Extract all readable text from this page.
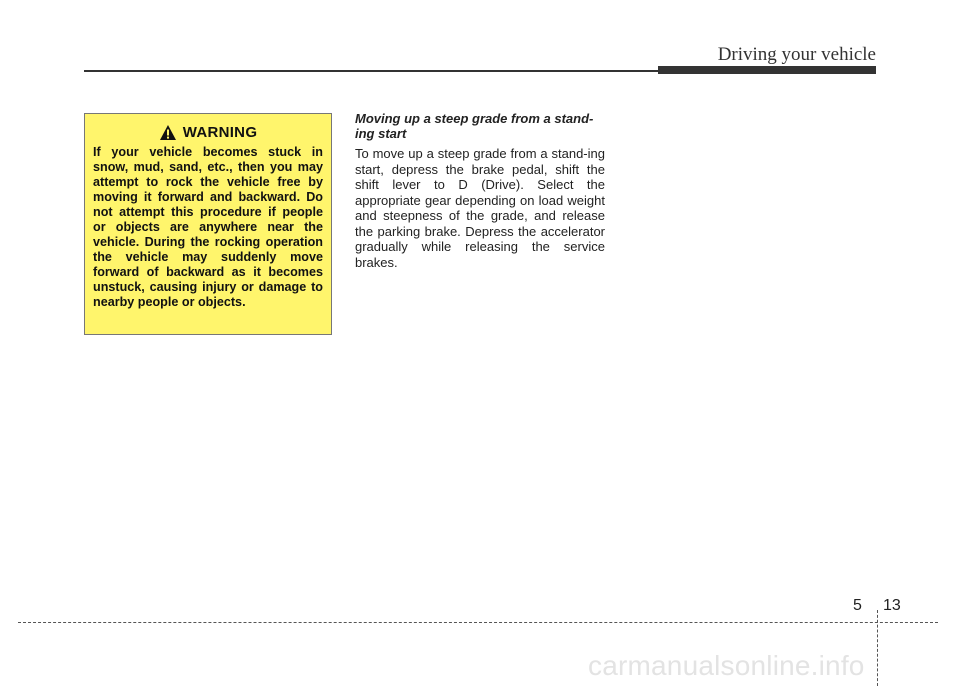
Driving your vehicle
WARNING

If your vehicle becomes stuck in snow, mud, sand, etc., then you may attempt to rock the vehicle free by moving it forward and backward. Do not attempt this procedure if people or objects are anywhere near the vehicle. During the rocking operation the vehicle may suddenly move forward of backward as it becomes unstuck, causing injury or damage to nearby people or objects.

Moving up a steep grade from a stand-ing start

To move up a steep grade from a stand-ing start, depress the brake pedal, shift the shift lever to D (Drive). Select the appropriate gear depending on load weight and steepness of the grade, and release the parking brake. Depress the accelerator gradually while releasing the service brakes.

5 13
carmanualsonline.info
